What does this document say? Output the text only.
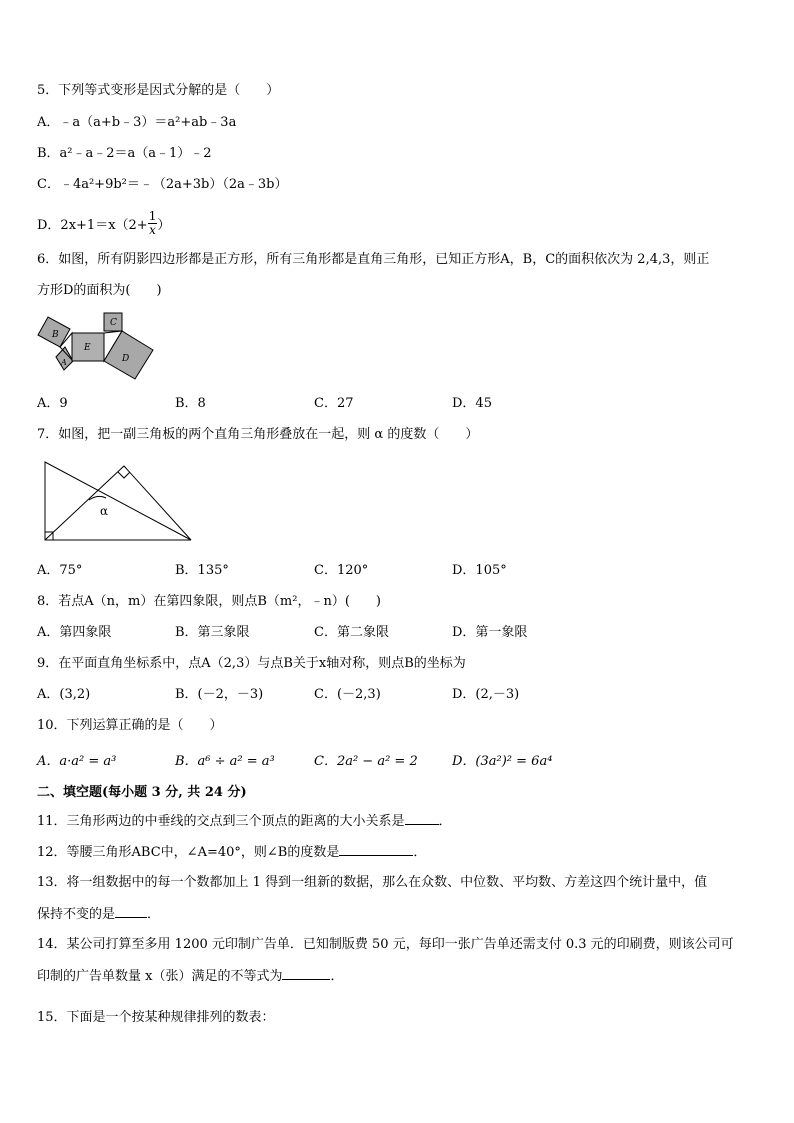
5．下列等式变形是因式分解的是（　　）
A．﹣a（a+b﹣3）＝a²+ab﹣3a
B．a²﹣a﹣2＝a（a﹣1）﹣2
C．﹣4a²+9b²＝﹣（2a+3b）（2a﹣3b）
D．$2x+1=x(2+ \frac{1}{x}$ ）
6．如图，所有阴影四边形都是正方形，所有三角形都是直角三角形，已知正方形A，B，C的面积依次为 2,4,3，则正
方形D的面积为(　　)
B
A
E
C
D
A．9	B．8	C．27	D．45
7．如图，把一副三角板的两个直角三角形叠放在一起，则 α 的度数（　　）
α
A．75°	B．135°	C．120°	D．105°
8．若点A（n，m）在第四象限，则点B（m²，﹣n）(　　)
A．第四象限	B．第三象限	C．第二象限	D．第一象限
9．在平面直角坐标系中，点A（2,3）与点B关于x轴对称，则点B的坐标为
A．(3,2)	B．(－2，－3)	C．(－2,3)	D．(2,－3)
10．下列运算正确的是（　　）
A．a·a² = a³	B．a⁶ ÷ a² = a³	C．2a² − a² = 2	D．(3a²)² = 6a⁴
二、填空题(每小题 3 分, 共 24 分)
11．三角形两边的中垂线的交点到三个顶点的距离的大小关系是	．
12．等腰三角形ABC中，∠A=40°，则∠B的度数是	．
13．将一组数据中的每一个数都加上 1 得到一组新的数据，那么在众数、中位数、平均数、方差这四个统计量中，值
保持不变的是 ．
14．某公司打算至多用 1200 元印制广告单．已知制版费 50 元，每印一张广告单还需支付 0.3 元的印刷费，则该公司可
印制的广告单数量 x（张）满足的不等式为	．
15．下面是一个按某种规律排列的数表：
